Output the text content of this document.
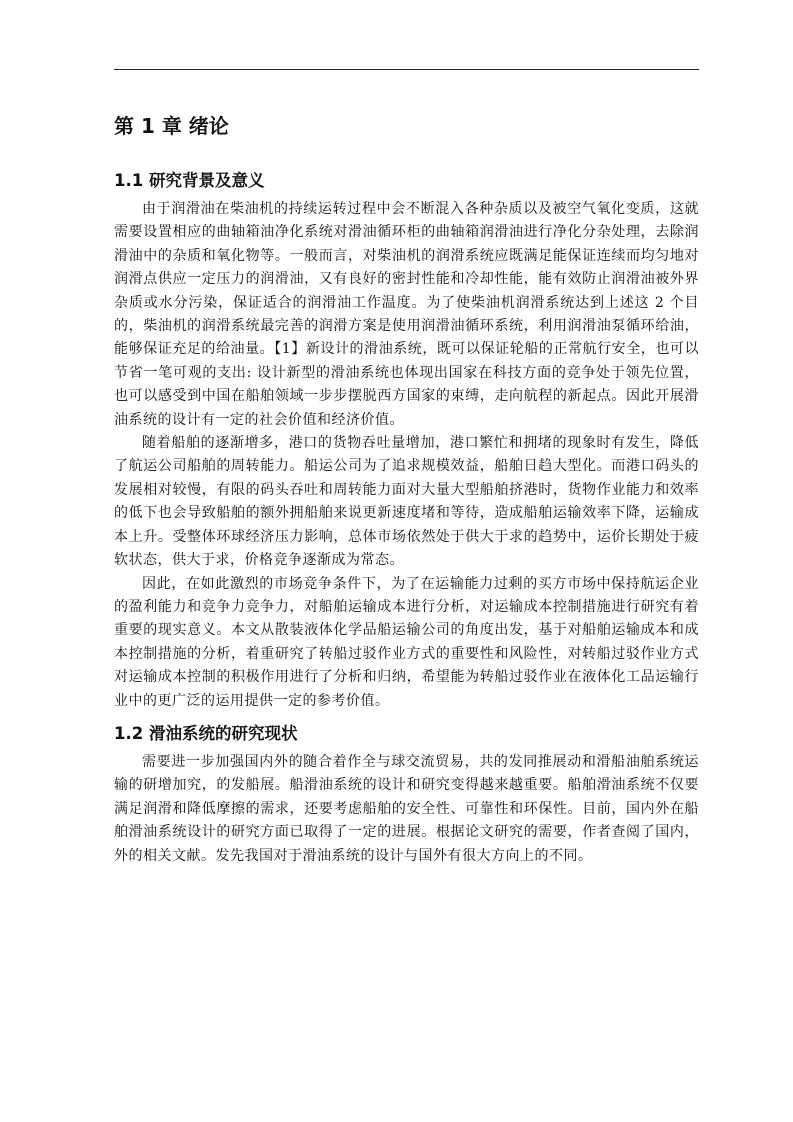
第 1 章 绪论
1.1 研究背景及意义

由于润滑油在柴油机的持续运转过程中会不断混入各种杂质以及被空气氧化变质，这就需要设置相应的曲轴箱油净化系统对滑油循环柜的曲轴箱润滑油进行净化分杂处理，去除润滑油中的杂质和氧化物等。一般而言，对柴油机的润滑系统应既满足能保证连续而均匀地对润滑点供应一定压力的润滑油，又有良好的密封性能和冷却性能，能有效防止润滑油被外界杂质或水分污染，保证适合的润滑油工作温度。为了使柴油机润滑系统达到上述这 2 个目的，柴油机的润滑系统最完善的润滑方案是使用润滑油循环系统，利用润滑油泵循环给油，能够保证充足的给油量。【1】新设计的滑油系统，既可以保证轮船的正常航行安全，也可以节省一笔可观的支出: 设计新型的滑油系统也体现出国家在科技方面的竞争处于领先位置，也可以感受到中国在船舶领域一步步摆脱西方国家的束缚，走向航程的新起点。因此开展滑油系统的设计有一定的社会价值和经济价值。

随着船舶的逐渐增多，港口的货物吞吐量增加，港口繁忙和拥堵的现象时有发生，降低了航运公司船舶的周转能力。船运公司为了追求规模效益，船舶日趋大型化。而港口码头的发展相对较慢，有限的码头吞吐和周转能力面对大量大型船舶挤港时，货物作业能力和效率的低下也会导致船舶的额外拥船舶来说更新速度堵和等待，造成船舶运输效率下降，运输成本上升。受整体环球经济压力影响，总体市场依然处于供大于求的趋势中，运价长期处于疲软状态，供大于求，价格竞争逐渐成为常态。

因此，在如此激烈的市场竞争条件下，为了在运输能力过剩的买方市场中保持航运企业的盈利能力和竞争力竞争力，对船舶运输成本进行分析，对运输成本控制措施进行研究有着重要的现实意义。本文从散装液体化学品船运输公司的角度出发，基于对船舶运输成本和成本控制措施的分析，着重研究了转船过驳作业方式的重要性和风险性，对转船过驳作业方式对运输成本控制的积极作用进行了分析和归纳，希望能为转船过驳作业在液体化工品运输行业中的更广泛的运用提供一定的参考价值。

1.2 滑油系统的研究现状

需要进一步加强国内外的随合着作全与球交流贸易，共的发同推展动和滑船油舶系统运输的研增加究，的发船展。船滑油系统的设计和研究变得越来越重要。船舶滑油系统不仅要满足润滑和降低摩擦的需求，还要考虑船舶的安全性、可靠性和环保性。目前，国内外在船舶滑油系统设计的研究方面已取得了一定的进展。根据论文研究的需要，作者查阅了国内，外的相关文献。发先我国对于滑油系统的设计与国外有很大方向上的不同。
